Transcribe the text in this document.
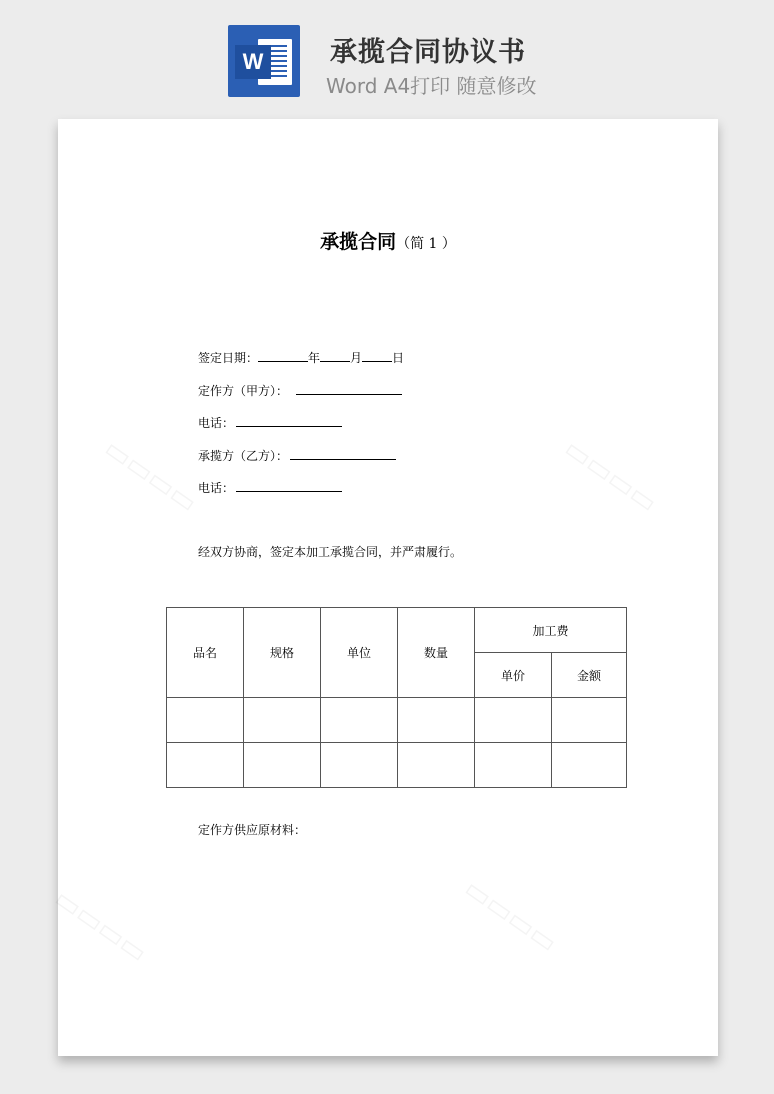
W 承揽合同协议书
Word A4打印 随意修改
承揽合同（简 1 ）
签定日期：	年	月	日
定作方（甲方）：
电话：
承揽方（乙方）：
电话：
经双方协商，签定本加工承揽合同，并严肃履行。
品名	规格	单位	数量	加工费	
				单价	金额

定作方供应原材料：
